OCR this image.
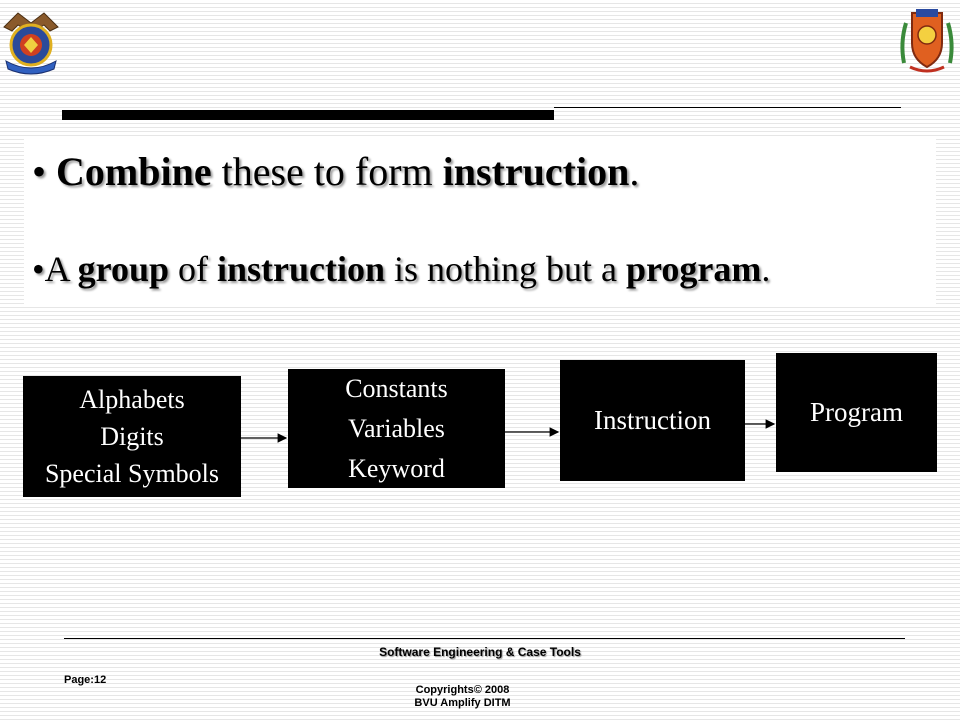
• Combine these to form instruction.
•A group of instruction is nothing but a program.
Alphabets
Digits
Special Symbols
Constants
Variables
Keyword
Instruction	Program
Software Engineering & Case Tools
Page:12
Copyrights© 2008
BVU Amplify DITM
